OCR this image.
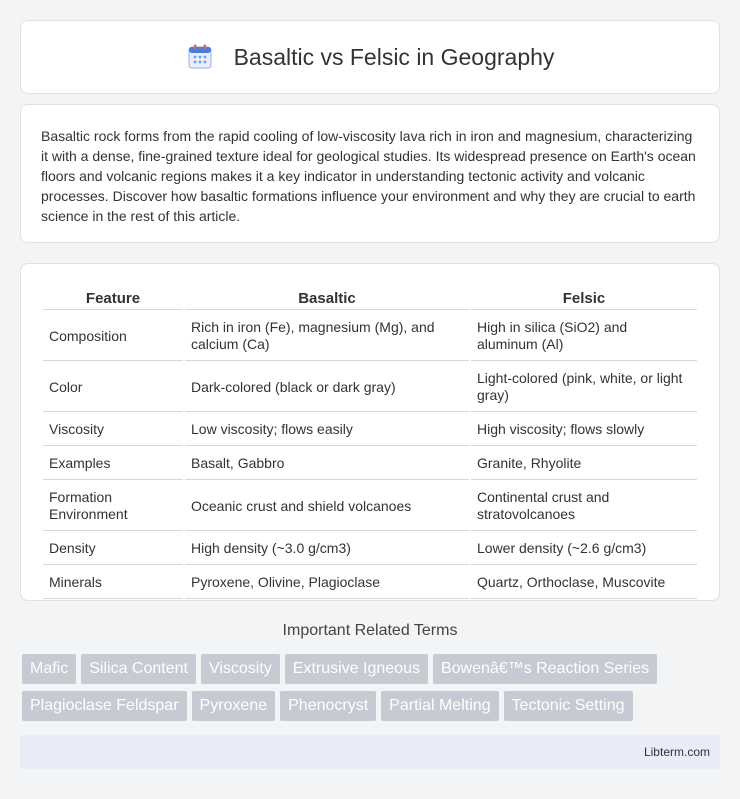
Basaltic vs Felsic in Geography

Basaltic rock forms from the rapid cooling of low-viscosity lava rich in iron and magnesium, characterizing it with a dense, fine-grained texture ideal for geological studies. Its widespread presence on Earth's ocean floors and volcanic regions makes it a key indicator in understanding tectonic activity and volcanic processes. Discover how basaltic formations influence your environment and why they are crucial to earth science in the rest of this article.

Feature	Basaltic	Felsic
Composition	Rich in iron (Fe), magnesium (Mg), and calcium (Ca)	High in silica (SiO2) and aluminum (Al)
Color	Dark-colored (black or dark gray)	Light-colored (pink, white, or light gray)
Viscosity	Low viscosity; flows easily	High viscosity; flows slowly
Examples	Basalt, Gabbro	Granite, Rhyolite
Formation Environment	Oceanic crust and shield volcanoes	Continental crust and stratovolcanoes
Density	High density (~3.0 g/cm3)	Lower density (~2.6 g/cm3)
Minerals	Pyroxene, Olivine, Plagioclase	Quartz, Orthoclase, Muscovite
Important Related Terms
Mafic	Silica Content	Viscosity	Extrusive Igneous	Bowenâ€™s Reaction Series
Plagioclase Feldspar	Pyroxene	Phenocryst	Partial Melting	Tectonic Setting
Libterm.com
